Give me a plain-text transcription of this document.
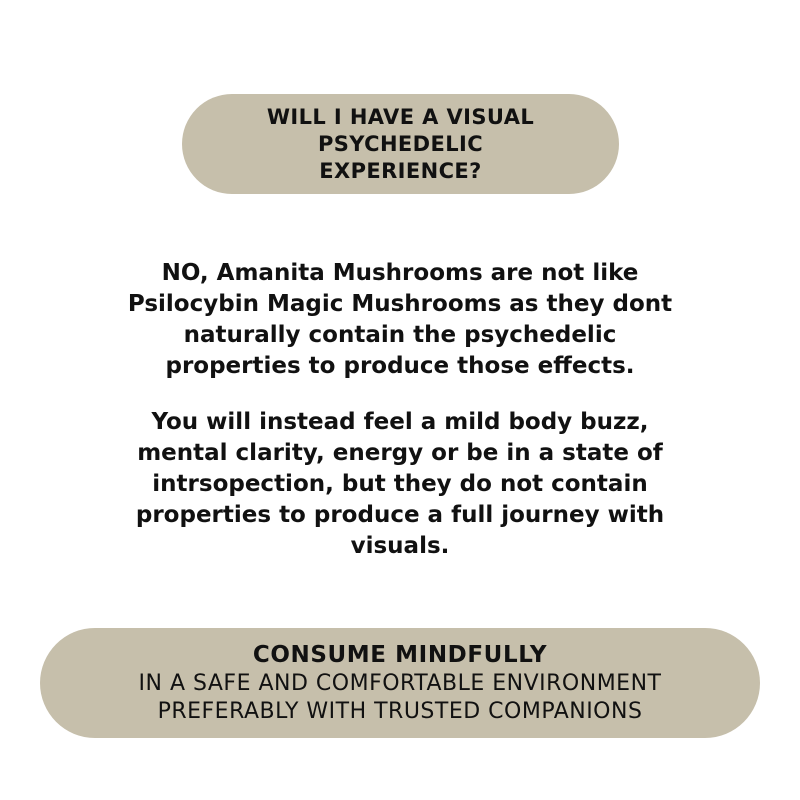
WILL I HAVE A VISUAL
PSYCHEDELIC
EXPERIENCE?
NO, Amanita Mushrooms are not like
Psilocybin Magic Mushrooms as they dont
naturally contain the psychedelic
properties to produce those effects.
You will instead feel a mild body buzz,
mental clarity, energy or be in a state of
intrsopection, but they do not contain
properties to produce a full journey with
visuals.
CONSUME MINDFULLY
IN A SAFE AND COMFORTABLE ENVIRONMENT
PREFERABLY WITH TRUSTED COMPANIONS
